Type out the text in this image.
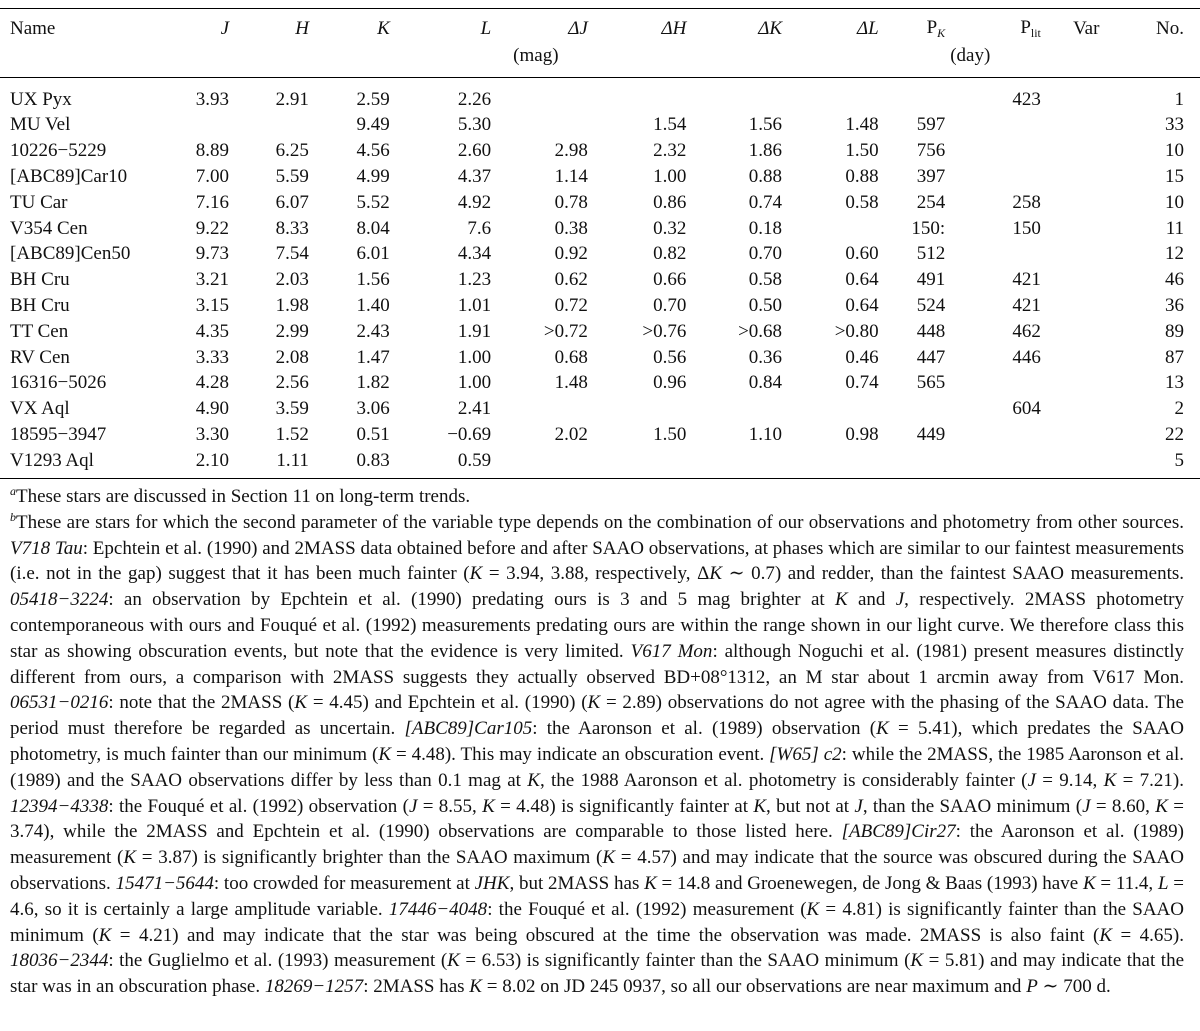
Name	J	H	K	L	ΔJ	ΔH	ΔK	ΔL	$P_K$	$P_{lit}$	Var	No.
					(mag)					(day)		
UX Pyx	3.93	2.91	2.59	2.26						423		1
MU Vel			9.49	5.30		1.54	1.56	1.48	597			33
10226−5229	8.89	6.25	4.56	2.60	2.98	2.32	1.86	1.50	756			10
[ABC89]Car10	7.00	5.59	4.99	4.37	1.14	1.00	0.88	0.88	397			15
TU Car	7.16	6.07	5.52	4.92	0.78	0.86	0.74	0.58	254	258		10
V354 Cen	9.22	8.33	8.04	7.6	0.38	0.32	0.18		150:	150		11
[ABC89]Cen50	9.73	7.54	6.01	4.34	0.92	0.82	0.70	0.60	512			12
BH Cru	3.21	2.03	1.56	1.23	0.62	0.66	0.58	0.64	491	421		46
BH Cru	3.15	1.98	1.40	1.01	0.72	0.70	0.50	0.64	524	421		36
TT Cen	4.35	2.99	2.43	1.91	>0.72	>0.76	>0.68	>0.80	448	462		89
RV Cen	3.33	2.08	1.47	1.00	0.68	0.56	0.36	0.46	447	446		87
16316−5026	4.28	2.56	1.82	1.00	1.48	0.96	0.84	0.74	565			13
VX Aql	4.90	3.59	3.06	2.41						604		2
18595−3947	3.30	1.52	0.51	−0.69	2.02	1.50	1.10	0.98	449			22
V1293 Aql	2.10	1.11	0.83	0.59								5

$^a$These stars are discussed in Section 11 on long-term trends.

$^b$These are stars for which the second parameter of the variable type depends on the combination of our observations and photometry from other sources. V718 Tau: Epchtein et al. (1990) and 2MASS data obtained before and after SAAO observations, at phases which are similar to our faintest measurements (i.e. not in the gap) suggest that it has been much fainter (K = 3.94, 3.88, respectively, ΔK ∼ 0.7) and redder, than the faintest SAAO measurements. 05418−3224: an observation by Epchtein et al. (1990) predating ours is 3 and 5 mag brighter at K and J, respectively. 2MASS photometry contemporaneous with ours and Fouqué et al. (1992) measurements predating ours are within the range shown in our light curve. We therefore class this star as showing obscuration events, but note that the evidence is very limited. V617 Mon: although Noguchi et al. (1981) present measures distinctly different from ours, a comparison with 2MASS suggests they actually observed BD+08°1312, an M star about 1 arcmin away from V617 Mon. 06531−0216: note that the 2MASS (K = 4.45) and Epchtein et al. (1990) (K = 2.89) observations do not agree with the phasing of the SAAO data. The period must therefore be regarded as uncertain. [ABC89]Car105: the Aaronson et al. (1989) observation (K = 5.41), which predates the SAAO photometry, is much fainter than our minimum (K = 4.48). This may indicate an obscuration event. [W65] c2: while the 2MASS, the 1985 Aaronson et al. (1989) and the SAAO observations differ by less than 0.1 mag at K, the 1988 Aaronson et al. photometry is considerably fainter (J = 9.14, K = 7.21). 12394−4338: the Fouqué et al. (1992) observation (J = 8.55, K = 4.48) is significantly fainter at K, but not at J, than the SAAO minimum (J = 8.60, K = 3.74), while the 2MASS and Epchtein et al. (1990) observations are comparable to those listed here. [ABC89]Cir27: the Aaronson et al. (1989) measurement (K = 3.87) is significantly brighter than the SAAO maximum (K = 4.57) and may indicate that the source was obscured during the SAAO observations. 15471−5644: too crowded for measurement at JHK, but 2MASS has K = 14.8 and Groenewegen, de Jong & Baas (1993) have K = 11.4, L = 4.6, so it is certainly a large amplitude variable. 17446−4048: the Fouqué et al. (1992) measurement (K = 4.81) is significantly fainter than the SAAO minimum (K = 4.21) and may indicate that the star was being obscured at the time the observation was made. 2MASS is also faint (K = 4.65). 18036−2344: the Guglielmo et al. (1993) measurement (K = 6.53) is significantly fainter than the SAAO minimum (K = 5.81) and may indicate that the star was in an obscuration phase. 18269−1257: 2MASS has K = 8.02 on JD 245 0937, so all our observations are near maximum and P ∼ 700 d.
